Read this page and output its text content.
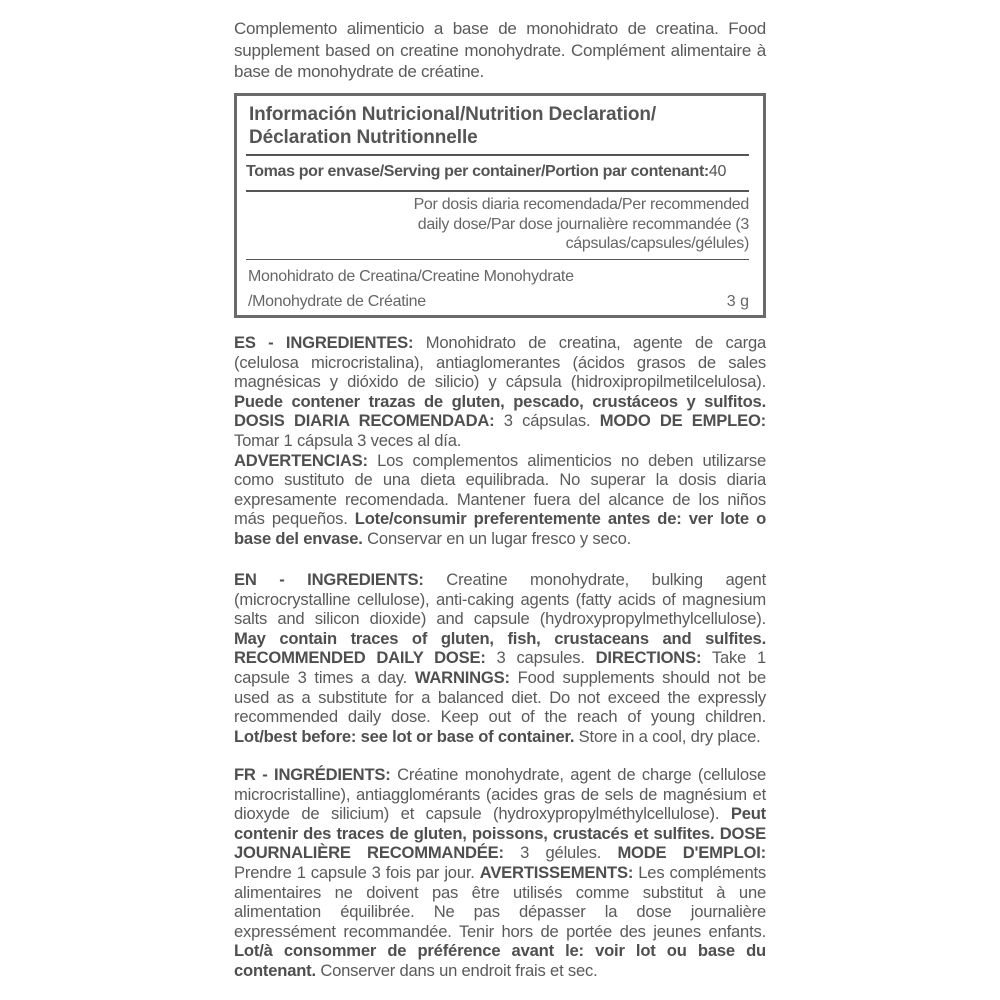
Complemento alimenticio a base de monohidrato de creatina. Food supplement based on creatine monohydrate. Complément alimentaire à base de monohydrate de créatine.
Información Nutricional/Nutrition Declaration/ Déclaration Nutritionnelle
Tomas por envase/Serving per container/Portion par contenant:40
Por dosis diaria recomendada/Per recommended daily dose/Par dose journalière recommandée (3 cápsulas/capsules/gélules)
Monohidrato de Creatina/Creatine Monohydrate
/Monohydrate de Créatine	3 g
ES - INGREDIENTES: Monohidrato de creatina, agente de carga (celulosa microcristalina), antiaglomerantes (ácidos grasos de sales magnésicas y dióxido de silicio) y cápsula (hidroxipropilmetilcelulosa). Puede contener trazas de gluten, pescado, crustáceos y sulfitos. DOSIS DIARIA RECOMENDADA: 3 cápsulas. MODO DE EMPLEO: Tomar 1 cápsula 3 veces al día.
ADVERTENCIAS: Los complementos alimenticios no deben utilizarse como sustituto de una dieta equilibrada. No superar la dosis diaria expresamente recomendada. Mantener fuera del alcance de los niños más pequeños. Lote/consumir preferentemente antes de: ver lote o base del envase. Conservar en un lugar fresco y seco.
EN - INGREDIENTS: Creatine monohydrate, bulking agent (microcrystalline cellulose), anti-caking agents (fatty acids of magnesium salts and silicon dioxide) and capsule (hydroxypropylmethylcellulose). May contain traces of gluten, fish, crustaceans and sulfites. RECOMMENDED DAILY DOSE: 3 capsules. DIRECTIONS: Take 1 capsule 3 times a day. WARNINGS: Food supplements should not be used as a substitute for a balanced diet. Do not exceed the expressly recommended daily dose. Keep out of the reach of young children. Lot/best before: see lot or base of container. Store in a cool, dry place.
FR - INGRÉDIENTS: Créatine monohydrate, agent de charge (cellulose microcristalline), antiagglomérants (acides gras de sels de magnésium et dioxyde de silicium) et capsule (hydroxypropylméthylcellulose). Peut contenir des traces de gluten, poissons, crustacés et sulfites. DOSE JOURNALIÈRE RECOMMANDÉE: 3 gélules. MODE D'EMPLOI: Prendre 1 capsule 3 fois par jour. AVERTISSEMENTS: Les compléments alimentaires ne doivent pas être utilisés comme substitut à une alimentation équilibrée. Ne pas dépasser la dose journalière expressément recommandée. Tenir hors de portée des jeunes enfants. Lot/à consommer de préférence avant le: voir lot ou base du contenant. Conserver dans un endroit frais et sec.
